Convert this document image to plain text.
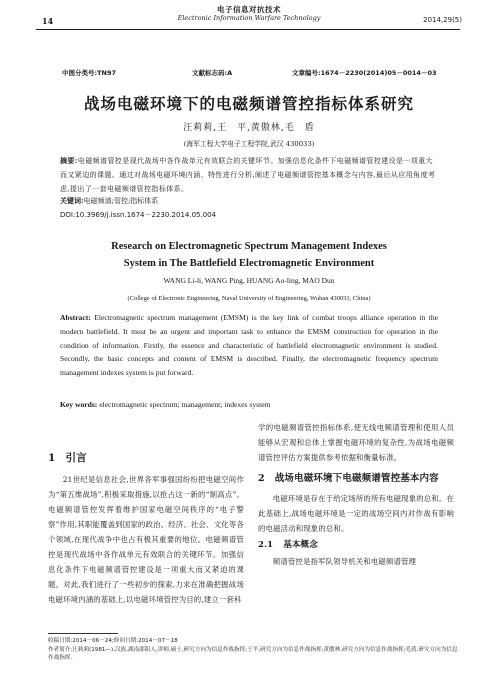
电子信息对抗技术
Electronic Information Warfare Technology
14	2014,29(5)
中图分类号:TN97	文献标志码:A	文章编号:1674－2230(2014)05－0014－03
战场电磁环境下的电磁频谱管控指标体系研究
汪莉莉,王　平,黄傲林,毛　盾
(海军工程大学电子工程学院,武汉 430033)
摘要:电磁频谱管控是现代战场中各作战单元有效联合的关键环节。加强信息化条件下电磁频谱管控建设是一项重大而又紧迫的课题。通过对战场电磁环境内涵、特性进行分析,阐述了电磁频谱管控基本概念与内容,最后从应用角度考虑,提出了一套电磁频谱管控指标体系。
关键词:电磁频谱;管控;指标体系
DOI:10.3969/j.issn.1674－2230.2014.05.004
Research on Electromagnetic Spectrum Management Indexes
System in The Battlefield Electromagnetic Environment
WANG Li-li, WANG Ping, HUANG Ao-ling, MAO Dun
(College of Electronic Engineering, Naval University of Engineering, Wuhan 430033, China)
Abstract: Electromagnetic spectrum management (EMSM) is the key link of combat troops alliance operation in the modern battlefield. It must be an urgent and important task to enhance the EMSM construction for operation in the condition of information. Firstly, the essence and characteristic of battlefield electromagnetic environment is studied. Secondly, the basic concepts and content of EMSM is described. Finally, the electromagnetic frequency spectrum management indexes system is put forward.
Key words: electromagnetic spectrum; management; indexes system
1 引言

21世纪是信息社会,世界各军事强国纷纷把电磁空间作为“第五维战场”,积极采取措施,以抢占这一新的“制高点”。电磁频谱管控发挥着维护国家电磁空间秩序的“电子警察”作用,其职能覆盖到国家的政治、经济、社会、文化等各个领域,在现代战争中也占有极其重要的地位。电磁频谱管控是现代战场中各作战单元有效联合的关键环节。加强信息化条件下电磁频谱管控建设是一项重大而又紧迫的课题。对此,我们进行了一些初步的探索,力求在准确把握战场电磁环境内涵的基础上,以电磁环境管控为目的,建立一套科

学的电磁频谱管控指标体系,使无线电频谱管理和使用人员能够从宏观和总体上掌握电磁环境的复杂性,为战场电磁频谱管控评估方案提供参考依据和衡量标准。

2 战场电磁环境下电磁频谱管控基本内容

电磁环境是存在于给定场所的所有电磁现象的总和。在此基础上,战场电磁环境是一定的战场空间内对作战有影响的电磁活动和现象的总和。

2.1 基本概念

频谱管控是指军队领导机关和电磁频谱管理

收稿日期:2014－06－24;修回日期:2014－07－18
作者简介:汪莉莉(1981—),汉族,湖南邵阳人,讲师,硕士,研究方向为信息作战指挥;王平,研究方向为信息作战指挥;黄傲林,研究方向为信息作战指挥;毛盾,研究方向为信息作战指挥。
